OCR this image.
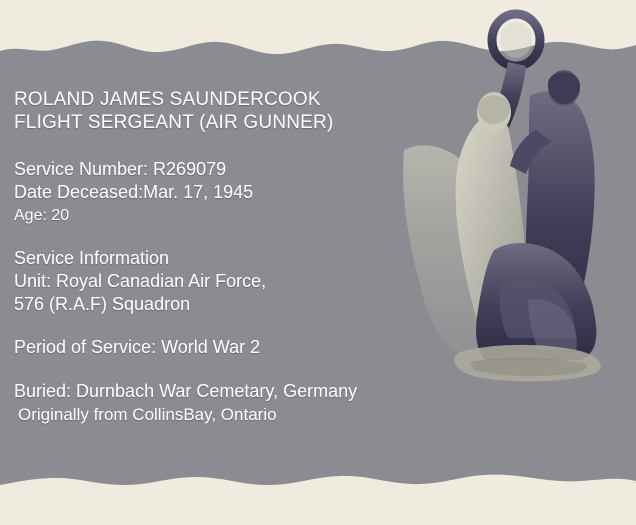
ROLAND JAMES SAUNDERCOOK
FLIGHT SERGEANT (AIR GUNNER)
Service Number: R269079
Date Deceased:Mar. 17, 1945
Age: 20
Service Information
Unit: Royal Canadian Air Force,
576 (R.A.F) Squadron
Period of Service: World War 2
Buried: Durnbach War Cemetary, Germany
Originally from CollinsBay, Ontario
